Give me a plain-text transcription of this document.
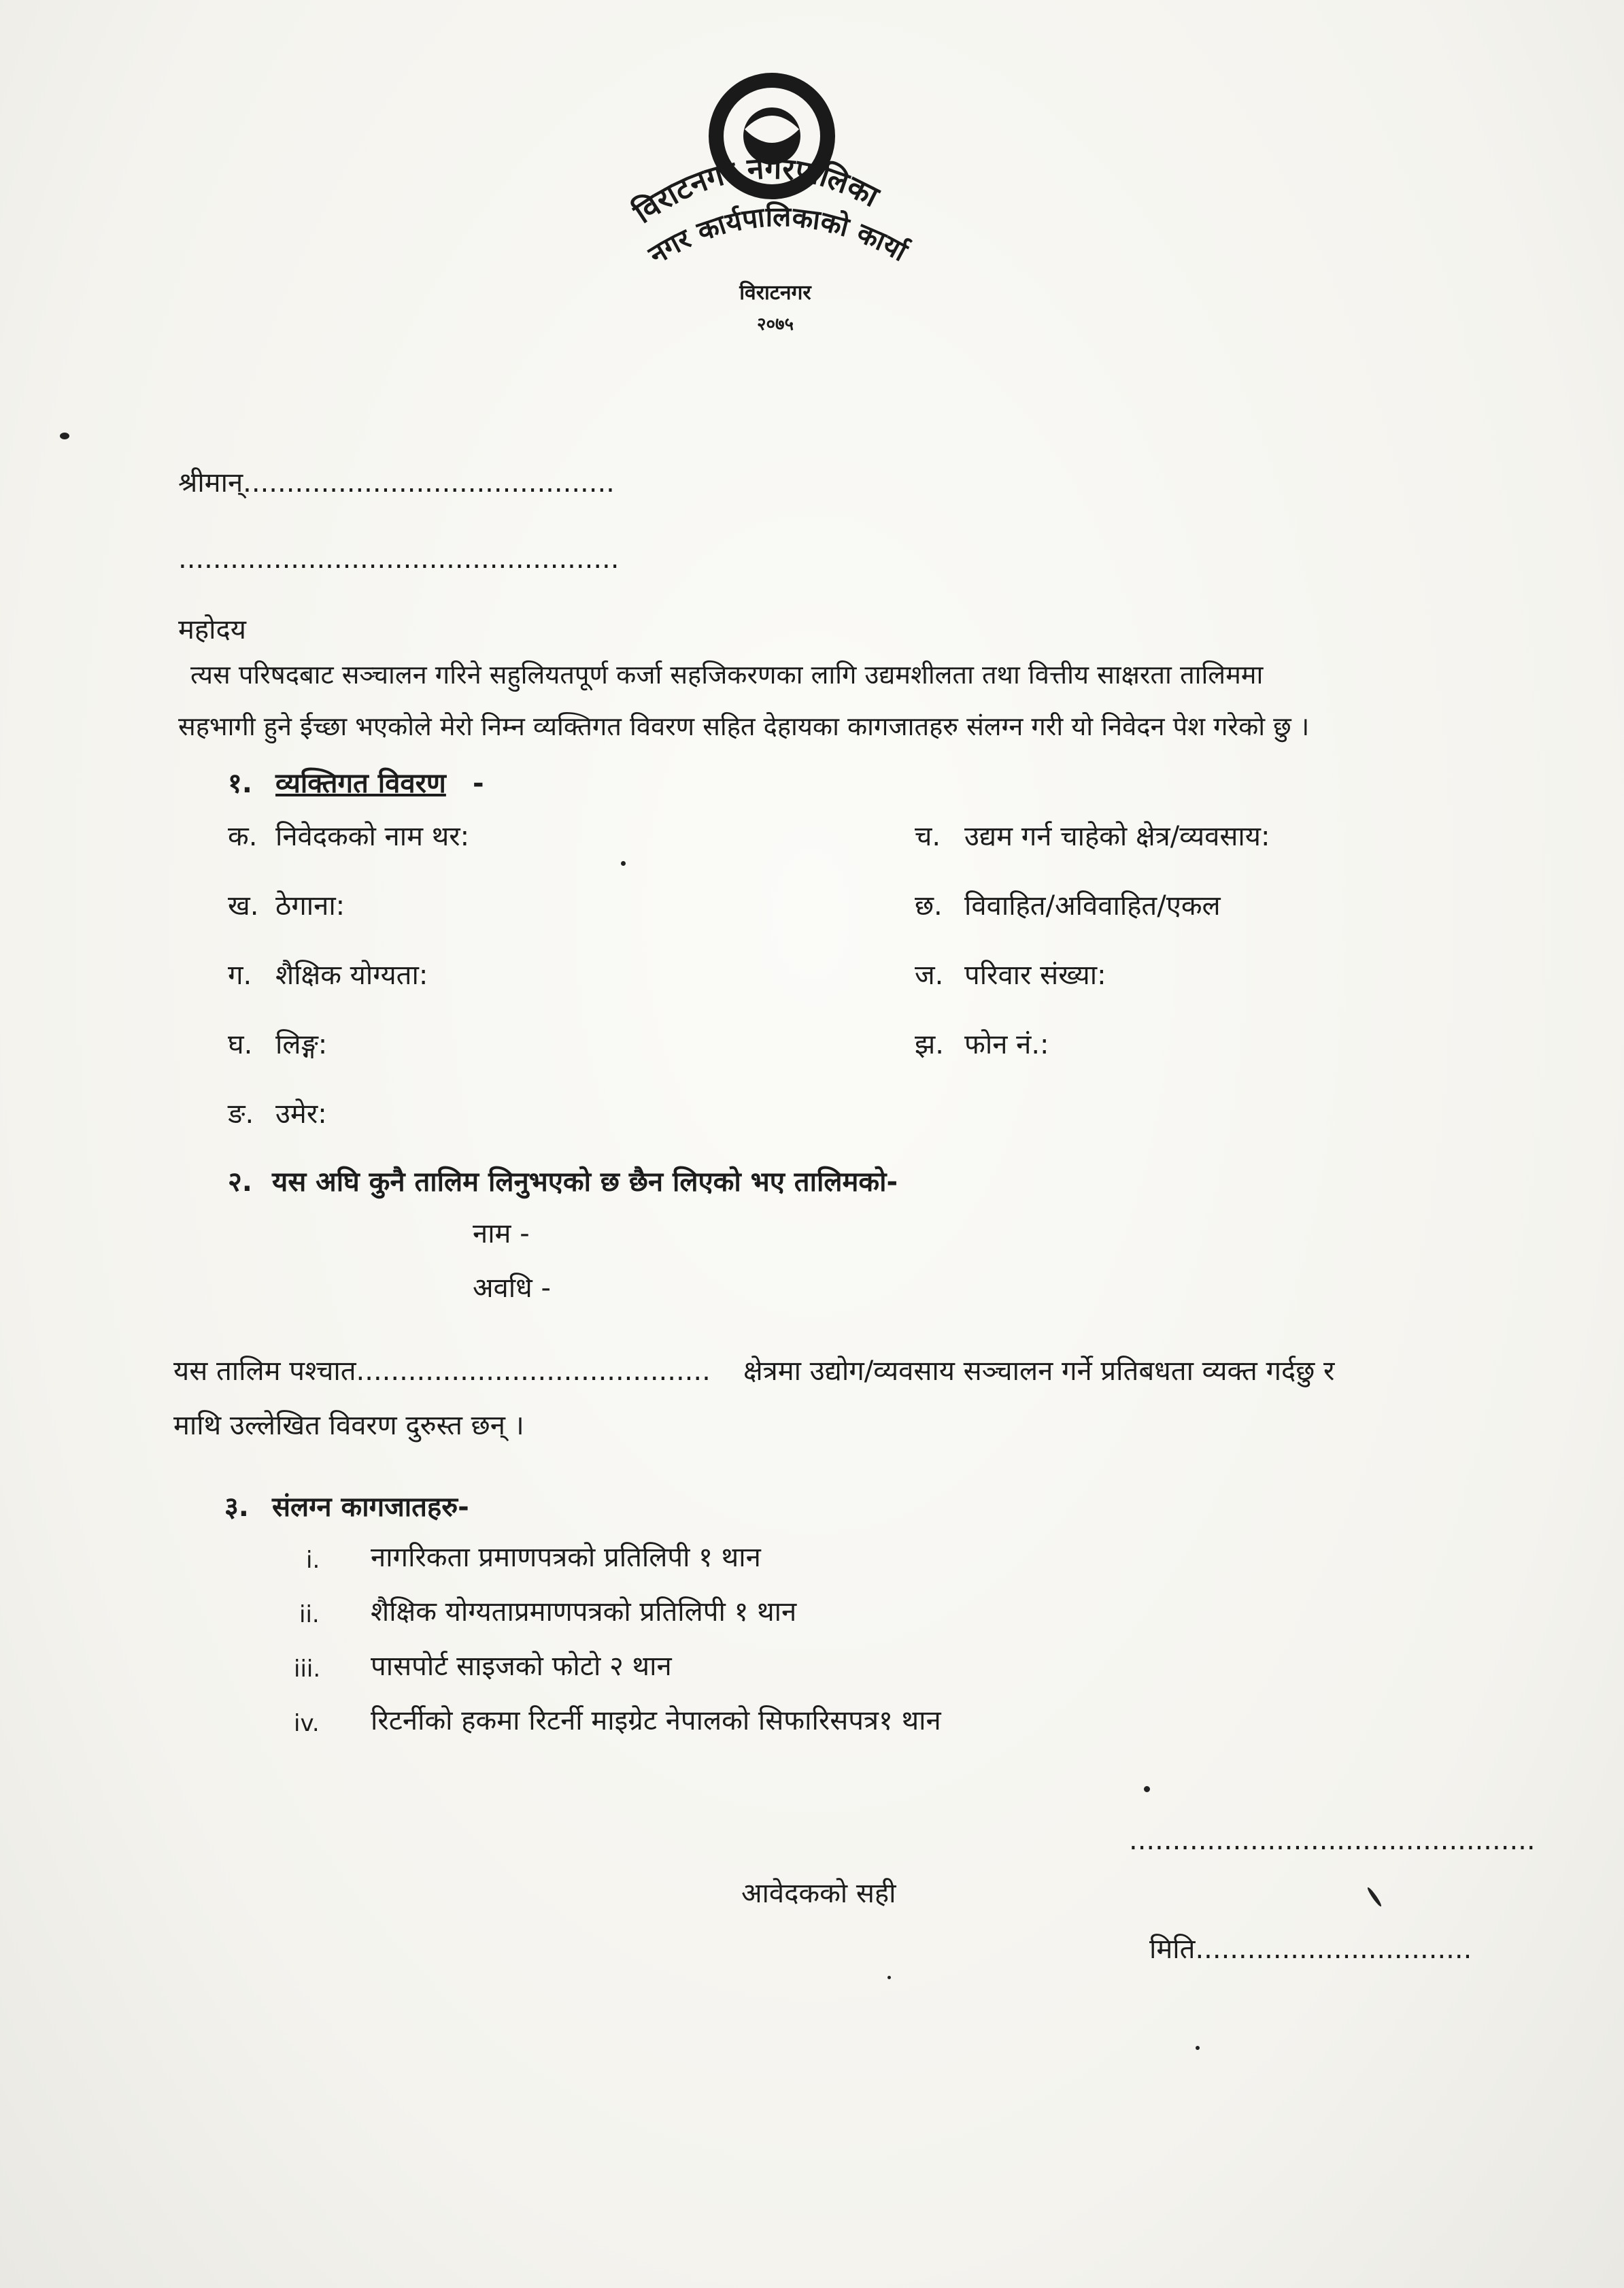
विराटनगर नगरपालिका
नगर कार्यपालिकाको कार्या
विराटनगर
२०७५
श्रीमान्...........................................
...................................................
महोदय
त्यस परिषदबाट सञ्चालन गरिने सहुलियतपूर्ण कर्जा सहजिकरणका लागि उद्यमशीलता तथा वित्तीय साक्षरता तालिममा
सहभागी हुने ईच्छा भएकोले मेरो निम्न व्यक्तिगत विवरण सहित देहायका कागजातहरु संलग्न गरी यो निवेदन पेश गरेको छु ।
१. व्यक्तिगत विवरण -
क. निवेदकको नाम थर:
ख. ठेगाना:
ग. शैक्षिक योग्यता:
घ. लिङ्ग:
ङ. उमेर:
च. उद्यम गर्न चाहेको क्षेत्र/व्यवसाय:
छ. विवाहित/अविवाहित/एकल
ज. परिवार संख्या:
झ. फोन नं.:
२. यस अघि कुनै तालिम लिनुभएको छ छैन लिएको भए तालिमको-
नाम -
अवधि -
यस तालिम पश्चात......................................... क्षेत्रमा उद्योग/व्यवसाय सञ्चालन गर्ने प्रतिबधता व्यक्त गर्दछु र
माथि उल्लेखित विवरण दुरुस्त छन् ।
३. संलग्न कागजातहरु-
i. नागरिकता प्रमाणपत्रको प्रतिलिपी १ थान
ii. शैक्षिक योग्यताप्रमाणपत्रको प्रतिलिपी १ थान
iii. पासपोर्ट साइजको फोटो २ थान
iv. रिटर्नीको हकमा रिटर्नी माइग्रेट नेपालको सिफारिसपत्र१ थान
...............................................
आवेदकको सही
मिति................................
